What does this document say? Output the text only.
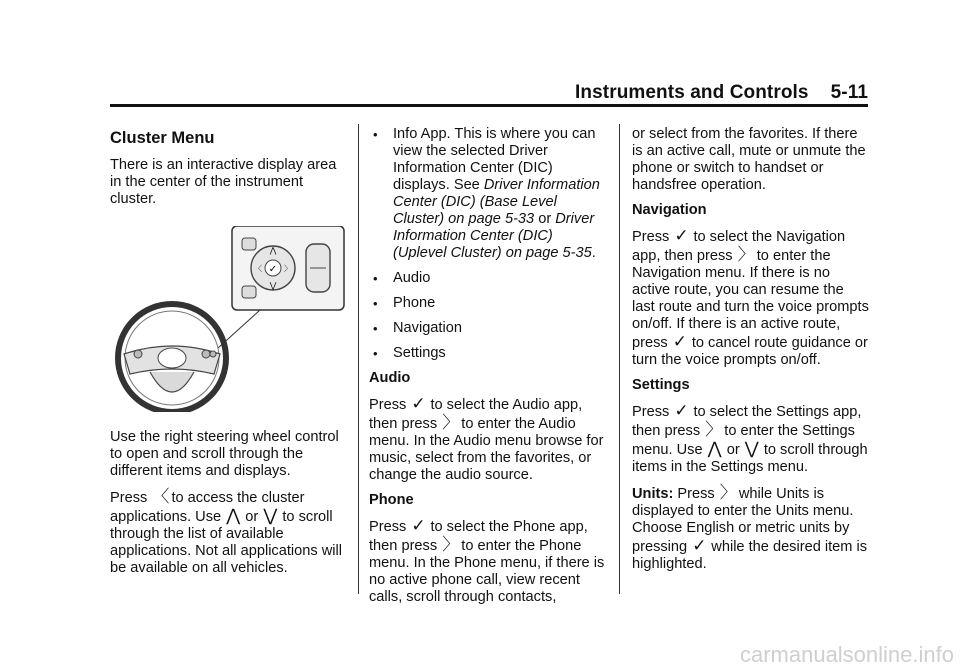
Instruments and Controls 5-11
Cluster Menu

There is an interactive display area in the center of the instrument cluster.

✓
⋀
⋁
〈	〉

Use the right steering wheel control to open and scroll through the different items and displays.

Press 〈 to access the cluster applications. Use ⋀ or ⋁ to scroll through the list of available applications. Not all applications will be available on all vehicles.

• Info App. This is where you can view the selected Driver Information Center (DIC) displays. See Driver Information Center (DIC) (Base Level Cluster) on page 5-33 or Driver Information Center (DIC) (Uplevel Cluster) on page 5-35.
• Audio
• Phone
• Navigation
• Settings
Audio

Press ✓ to select the Audio app, then press 〉 to enter the Audio menu. In the Audio menu browse for music, select from the favorites, or change the audio source.

Phone

Press ✓ to select the Phone app, then press 〉 to enter the Phone menu. In the Phone menu, if there is no active phone call, view recent calls, scroll through contacts,

or select from the favorites. If there is an active call, mute or unmute the phone or switch to handset or handsfree operation.

Navigation

Press ✓ to select the Navigation app, then press 〉 to enter the Navigation menu. If there is no active route, you can resume the last route and turn the voice prompts on/off. If there is an active route, press ✓ to cancel route guidance or turn the voice prompts on/off.

Settings

Press ✓ to select the Settings app, then press 〉 to enter the Settings menu. Use ⋀ or ⋁ to scroll through items in the Settings menu.

Units: Press 〉 while Units is displayed to enter the Units menu. Choose English or metric units by pressing ✓ while the desired item is highlighted.

carmanualsonline.info
